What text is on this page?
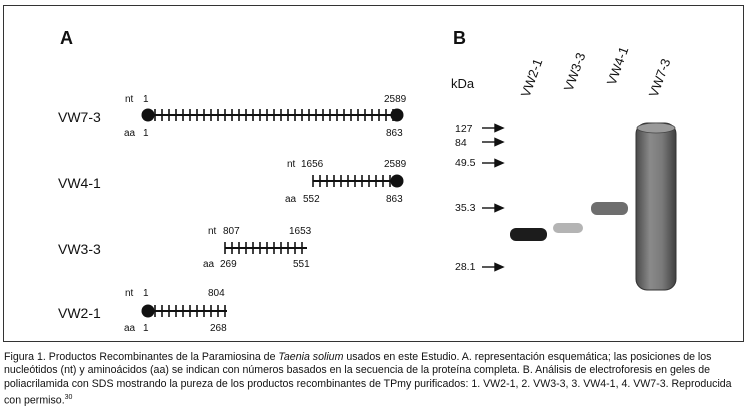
A
VW7-3
nt 1	2589
aa 1	863
VW4-1
nt 1656	2589
aa 552	863
VW3-3
nt 807	1653
aa 269	551
VW2-1
nt 1	804
aa 1	268
B
kDa	VW2-1 VW3-3 VW4-1 VW7-3
127
84
49.5
35.3
28.1
Figura 1. Productos Recombinantes de la Paramiosina de Taenia solium usados en este Estudio. A. representación esquemática; las posiciones de los nucleótidos (nt) y aminoácidos (aa) se indican con números basados en la secuencia de la proteína completa. B. Análisis de electroforesis en geles de poliacrilamida con SDS mostrando la pureza de los productos recombinantes de TPmy purificados: 1. VW2-1, 2. VW3-3, 3. VW4-1, 4. VW7-3. Reproducida con permiso.$^{30}$
